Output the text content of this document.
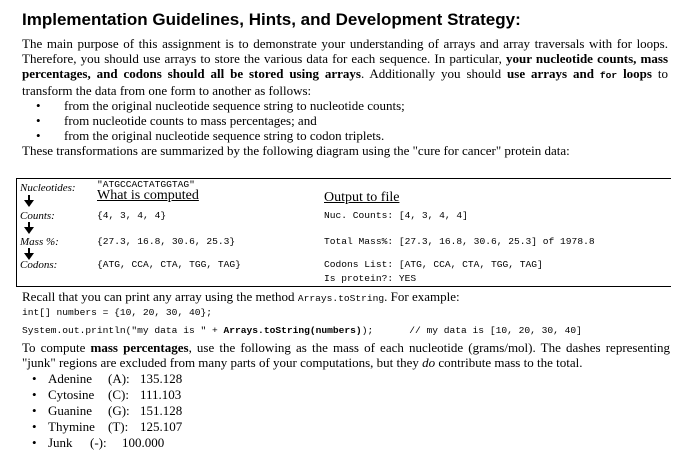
Implementation Guidelines, Hints, and Development Strategy:

The main purpose of this assignment is to demonstrate your understanding of arrays and array traversals with for loops. Therefore, you should use arrays to store the various data for each sequence. In particular, your nucleotide counts, mass percentages, and codons should all be stored using arrays. Additionally you should use arrays and for loops to transform the data from one form to another as follows:

• from the original nucleotide sequence string to nucleotide counts;
• from nucleotide counts to mass percentages; and
• from the original nucleotide sequence string to codon triplets.

These transformations are summarized by the following diagram using the "cure for cancer" protein data:

Nucleotides:
Counts:
Mass %:
Codons:
"ATGCCACTATGGTAG"
What is computed	Output to file
{4, 3, 4, 4}
{27.3, 16.8, 30.6, 25.3}
{ATG, CCA, CTA, TGG, TAG}
Nuc. Counts: [4, 3, 4, 4]
Total Mass%: [27.3, 16.8, 30.6, 25.3] of 1978.8
Codons List: [ATG, CCA, CTA, TGG, TAG]
Is protein?: YES

Recall that you can print any array using the method Arrays.toString. For example:

int[] numbers = {10, 20, 30, 40};
System.out.println("my data is " + Arrays.toString(numbers));	// my data is [10, 20, 30, 40]

To compute mass percentages, use the following as the mass of each nucleotide (grams/mol). The dashes representing "junk" regions are excluded from many parts of your computations, but they do contribute mass to the total.

• Adenine (A): 135.128
• Cytosine (C): 111.103
• Guanine (G): 151.128
• Thymine (T): 125.107
• Junk (-): 100.000
